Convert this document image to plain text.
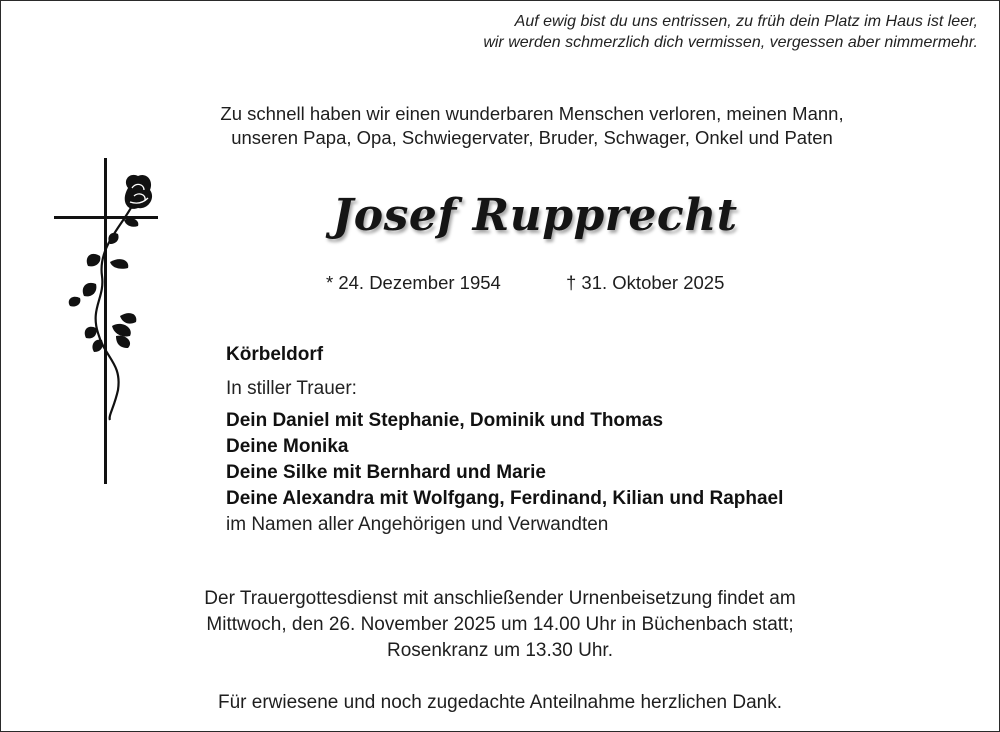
Auf ewig bist du uns entrissen, zu früh dein Platz im Haus ist leer,
wir werden schmerzlich dich vermissen, vergessen aber nimmermehr.
Zu schnell haben wir einen wunderbaren Menschen verloren, meinen Mann,
unseren Papa, Opa, Schwiegervater, Bruder, Schwager, Onkel und Paten
Josef Rupprecht
* 24. Dezember 1954	† 31. Oktober 2025
Körbeldorf
In stiller Trauer:
Dein Daniel mit Stephanie, Dominik und Thomas
Deine Monika
Deine Silke mit Bernhard und Marie
Deine Alexandra mit Wolfgang, Ferdinand, Kilian und Raphael
im Namen aller Angehörigen und Verwandten
Der Trauergottesdienst mit anschließender Urnenbeisetzung findet am
Mittwoch, den 26. November 2025 um 14.00 Uhr in Büchenbach statt;
Rosenkranz um 13.30 Uhr.
Für erwiesene und noch zugedachte Anteilnahme herzlichen Dank.
